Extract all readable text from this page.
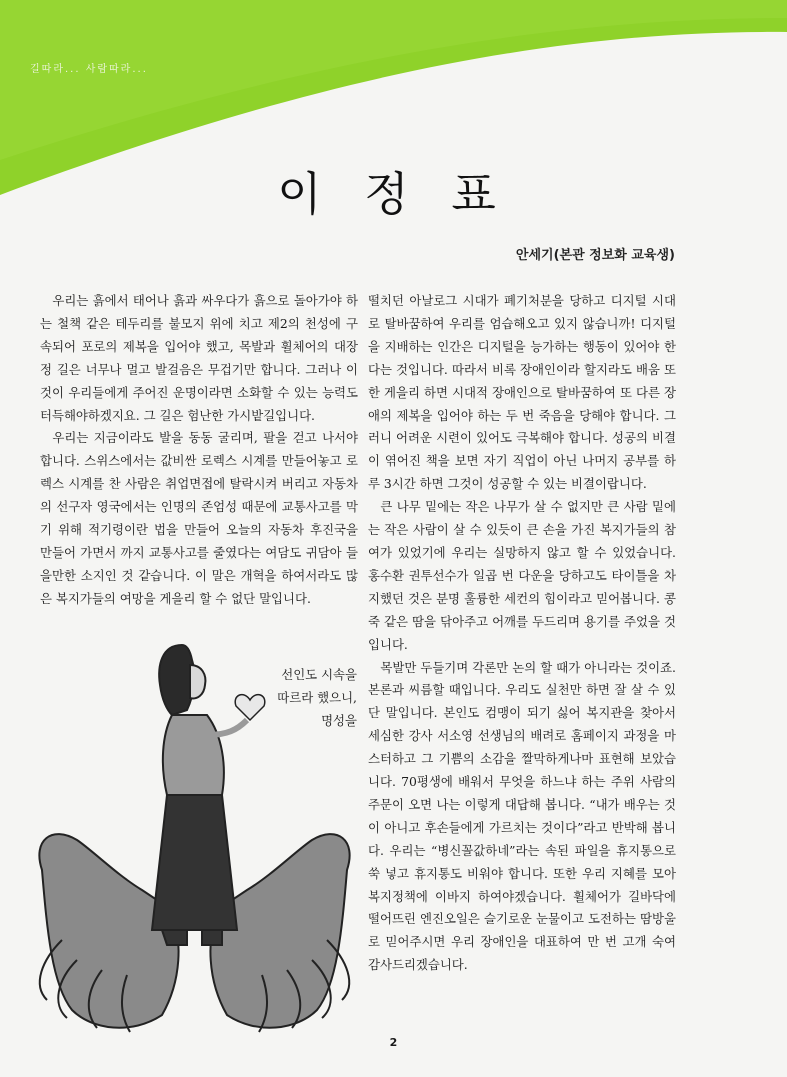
길따라... 사람따라...
이 정 표
안세기(본관 정보화 교육생)

우리는 흙에서 태어나 흙과 싸우다가 흙으로 돌아가야 하는 철책 같은 테두리를 불모지 위에 치고 제2의 천성에 구속되어 포로의 제복을 입어야 했고, 목발과 휠체어의 대장정 길은 너무나 멀고 발걸음은 무겁기만 합니다. 그러나 이것이 우리들에게 주어진 운명이라면 소화할 수 있는 능력도 터득해야하겠지요. 그 길은 험난한 가시밭길입니다.

우리는 지금이라도 발을 동동 굴리며, 팔을 걷고 나서야 합니다. 스위스에서는 값비싼 로렉스 시계를 만들어놓고 로렉스 시계를 찬 사람은 취업면접에 탈락시켜 버리고 자동차의 선구자 영국에서는 인명의 존엄성 때문에 교통사고를 막기 위해 적기령이란 법을 만들어 오늘의 자동차 후진국을 만들어 가면서 까지 교통사고를 줄였다는 여담도 귀담아 들을만한 소지인 것 같습니다. 이 말은 개혁을 하여서라도 많은 복지가들의 여망을 게을리 할 수 없단 말입니다.

선인도 시속을
따르라 했으니,
명성을

떨치던 아날로그 시대가 폐기처분을 당하고 디지털 시대로 탈바꿈하여 우리를 엄습해오고 있지 않습니까! 디지털을 지배하는 인간은 디지털을 능가하는 행동이 있어야 한다는 것입니다. 따라서 비록 장애인이라 할지라도 배움 또한 게을리 하면 시대적 장애인으로 탈바꿈하여 또 다른 장애의 제복을 입어야 하는 두 번 죽음을 당해야 합니다. 그러니 어려운 시련이 있어도 극복해야 합니다. 성공의 비결이 엮어진 책을 보면 자기 직업이 아닌 나머지 공부를 하루 3시간 하면 그것이 성공할 수 있는 비결이랍니다.

큰 나무 밑에는 작은 나무가 살 수 없지만 큰 사람 밑에는 작은 사람이 살 수 있듯이 큰 손을 가진 복지가들의 참여가 있었기에 우리는 실망하지 않고 할 수 있었습니다. 홍수환 권투선수가 일곱 번 다운을 당하고도 타이틀을 차지했던 것은 분명 훌륭한 세컨의 힘이라고 믿어봅니다. 콩죽 같은 땀을 닦아주고 어깨를 두드리며 용기를 주었을 것입니다.

목발만 두들기며 각론만 논의 할 때가 아니라는 것이죠. 본론과 씨름할 때입니다. 우리도 실천만 하면 잘 살 수 있단 말입니다. 본인도 컴맹이 되기 싫어 복지관을 찾아서 세심한 강사 서소영 선생님의 배려로 홈페이지 과정을 마스터하고 그 기쁨의 소감을 짤막하게나마 표현해 보았습니다. 70평생에 배워서 무엇을 하느냐 하는 주위 사람의 주문이 오면 나는 이렇게 대답해 봅니다. “내가 배우는 것이 아니고 후손들에게 가르치는 것이다”라고 반박해 봅니다. 우리는 “병신꼴값하네”라는 속된 파일을 휴지통으로 쑥 넣고 휴지통도 비워야 합니다. 또한 우리 지혜를 모아 복지정책에 이바지 하여야겠습니다. 휠체어가 길바닥에 떨어뜨린 엔진오일은 슬기로운 눈물이고 도전하는 땀방울로 믿어주시면 우리 장애인을 대표하여 만 번 고개 숙여 감사드리겠습니다.

2
